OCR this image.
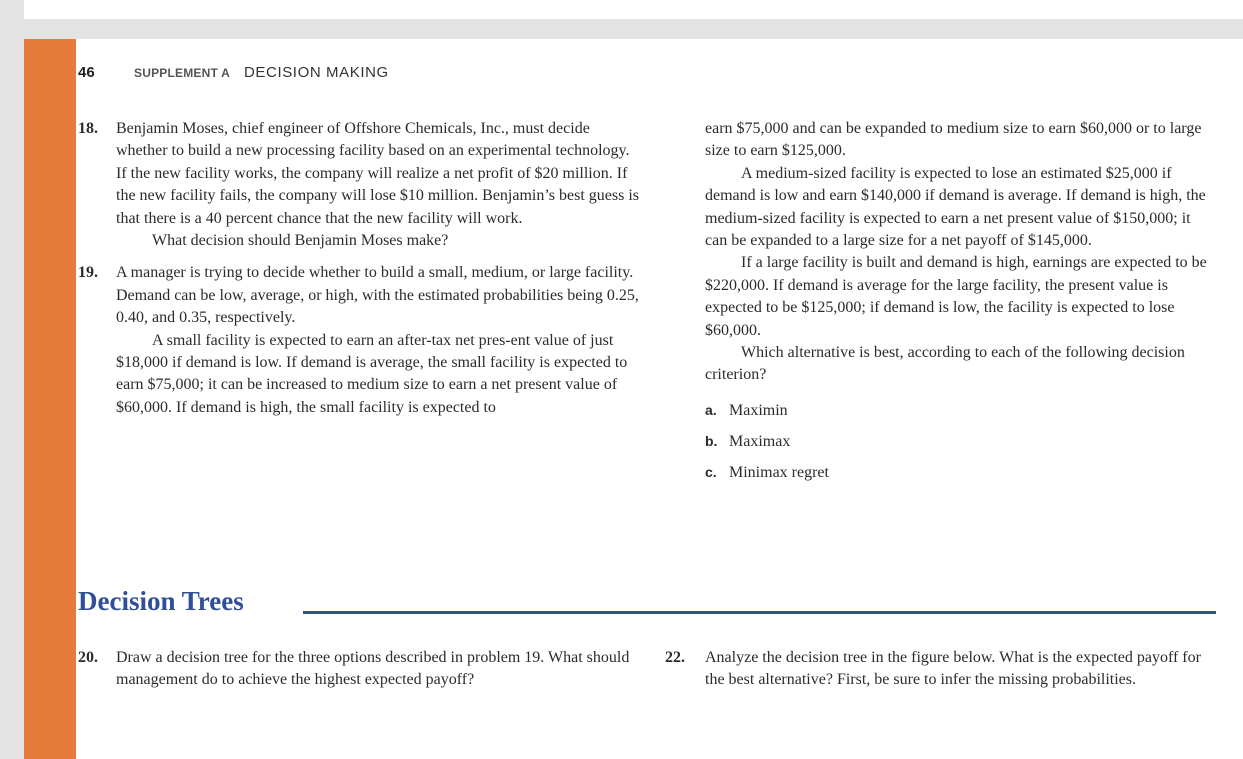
46	SUPPLEMENT A DECISION MAKING
18. Benjamin Moses, chief engineer of Offshore Chemicals, Inc., must decide whether to build a new processing facility based on an experimental technology. If the new facility works, the company will realize a net profit of $20 million. If the new facility fails, the company will lose $10 million. Benjamin’s best guess is that there is a 40 percent chance that the new facility will work.

What decision should Benjamin Moses make?

19. A manager is trying to decide whether to build a small, medium, or large facility. Demand can be low, average, or high, with the estimated probabilities being 0.25, 0.40, and 0.35, respectively.

A small facility is expected to earn an after-tax net pres-ent value of just $18,000 if demand is low. If demand is average, the small facility is expected to earn $75,000; it can be increased to medium size to earn a net present value of $60,000. If demand is high, the small facility is expected to

earn $75,000 and can be expanded to medium size to earn $60,000 or to large size to earn $125,000.

A medium-sized facility is expected to lose an estimated $25,000 if demand is low and earn $140,000 if demand is average. If demand is high, the medium-sized facility is expected to earn a net present value of $150,000; it can be expanded to a large size for a net payoff of $145,000.

If a large facility is built and demand is high, earnings are expected to be $220,000. If demand is average for the large facility, the present value is expected to be $125,000; if demand is low, the facility is expected to lose $60,000.

Which alternative is best, according to each of the following decision criterion?

a. Maximin
b. Maximax
c. Minimax regret
Decision Trees
20. Draw a decision tree for the three options described in problem 19. What should management do to achieve the highest expected payoff?

22. Analyze the decision tree in the figure below. What is the expected payoff for the best alternative? First, be sure to infer the missing probabilities.
